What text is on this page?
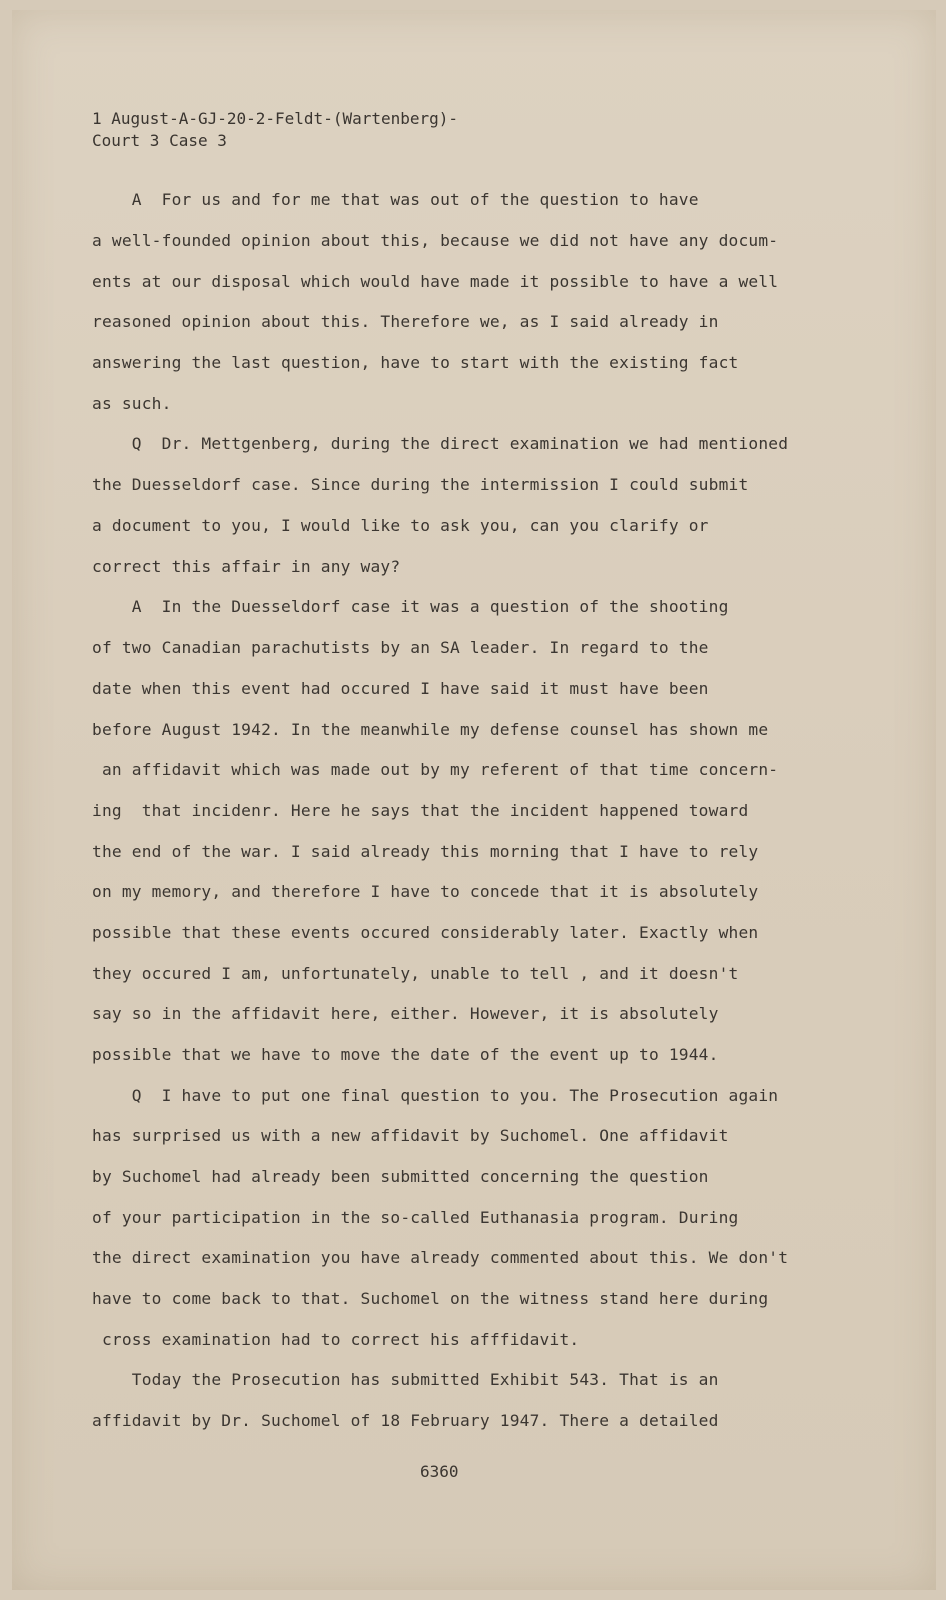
1 August-A-GJ-20-2-Feldt-(Wartenberg)-
Court 3 Case 3
A  For us and for me that was out of the question to have
a well-founded opinion about this, because we did not have any docum-
ents at our disposal which would have made it possible to have a well
reasoned opinion about this. Therefore we, as I said already in
answering the last question, have to start with the existing fact
as such.
Q  Dr. Mettgenberg, during the direct examination we had mentioned
the Duesseldorf case. Since during the intermission I could submit
a document to you, I would like to ask you, can you clarify or
correct this affair in any way?
A  In the Duesseldorf case it was a question of the shooting
of two Canadian parachutists by an SA leader. In regard to the
date when this event had occured I have said it must have been
before August 1942. In the meanwhile my defense counsel has shown me
an affidavit which was made out by my referent of that time concern-
ing  that incidenr. Here he says that the incident happened toward
the end of the war. I said already this morning that I have to rely
on my memory, and therefore I have to concede that it is absolutely
possible that these events occured considerably later. Exactly when
they occured I am, unfortunately, unable to tell , and it doesn't
say so in the affidavit here, either. However, it is absolutely
possible that we have to move the date of the event up to 1944.
Q  I have to put one final question to you. The Prosecution again
has surprised us with a new affidavit by Suchomel. One affidavit
by Suchomel had already been submitted concerning the question
of your participation in the so-called Euthanasia program. During
the direct examination you have already commented about this. We don't
have to come back to that. Suchomel on the witness stand here during
cross examination had to correct his afffidavit.
Today the Prosecution has submitted Exhibit 543. That is an
affidavit by Dr. Suchomel of 18 February 1947. There a detailed
6360
